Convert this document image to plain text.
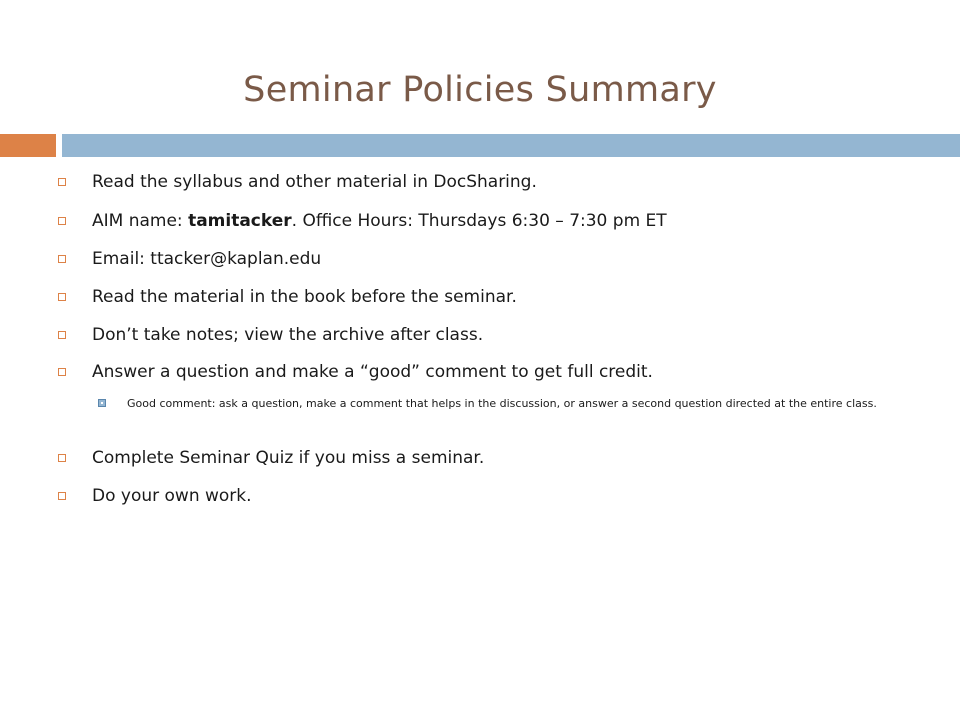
Seminar Policies Summary
Read the syllabus and other material in DocSharing.
AIM name: tamitacker. Office Hours: Thursdays 6:30 – 7:30 pm ET
Email: ttacker@kaplan.edu
Read the material in the book before the seminar.
Don’t take notes; view the archive after class.
Answer a question and make a “good” comment to get full credit.
Good comment: ask a question, make a comment that helps in the discussion, or answer a second question directed at the entire class.
Complete Seminar Quiz if you miss a seminar.
Do your own work.
